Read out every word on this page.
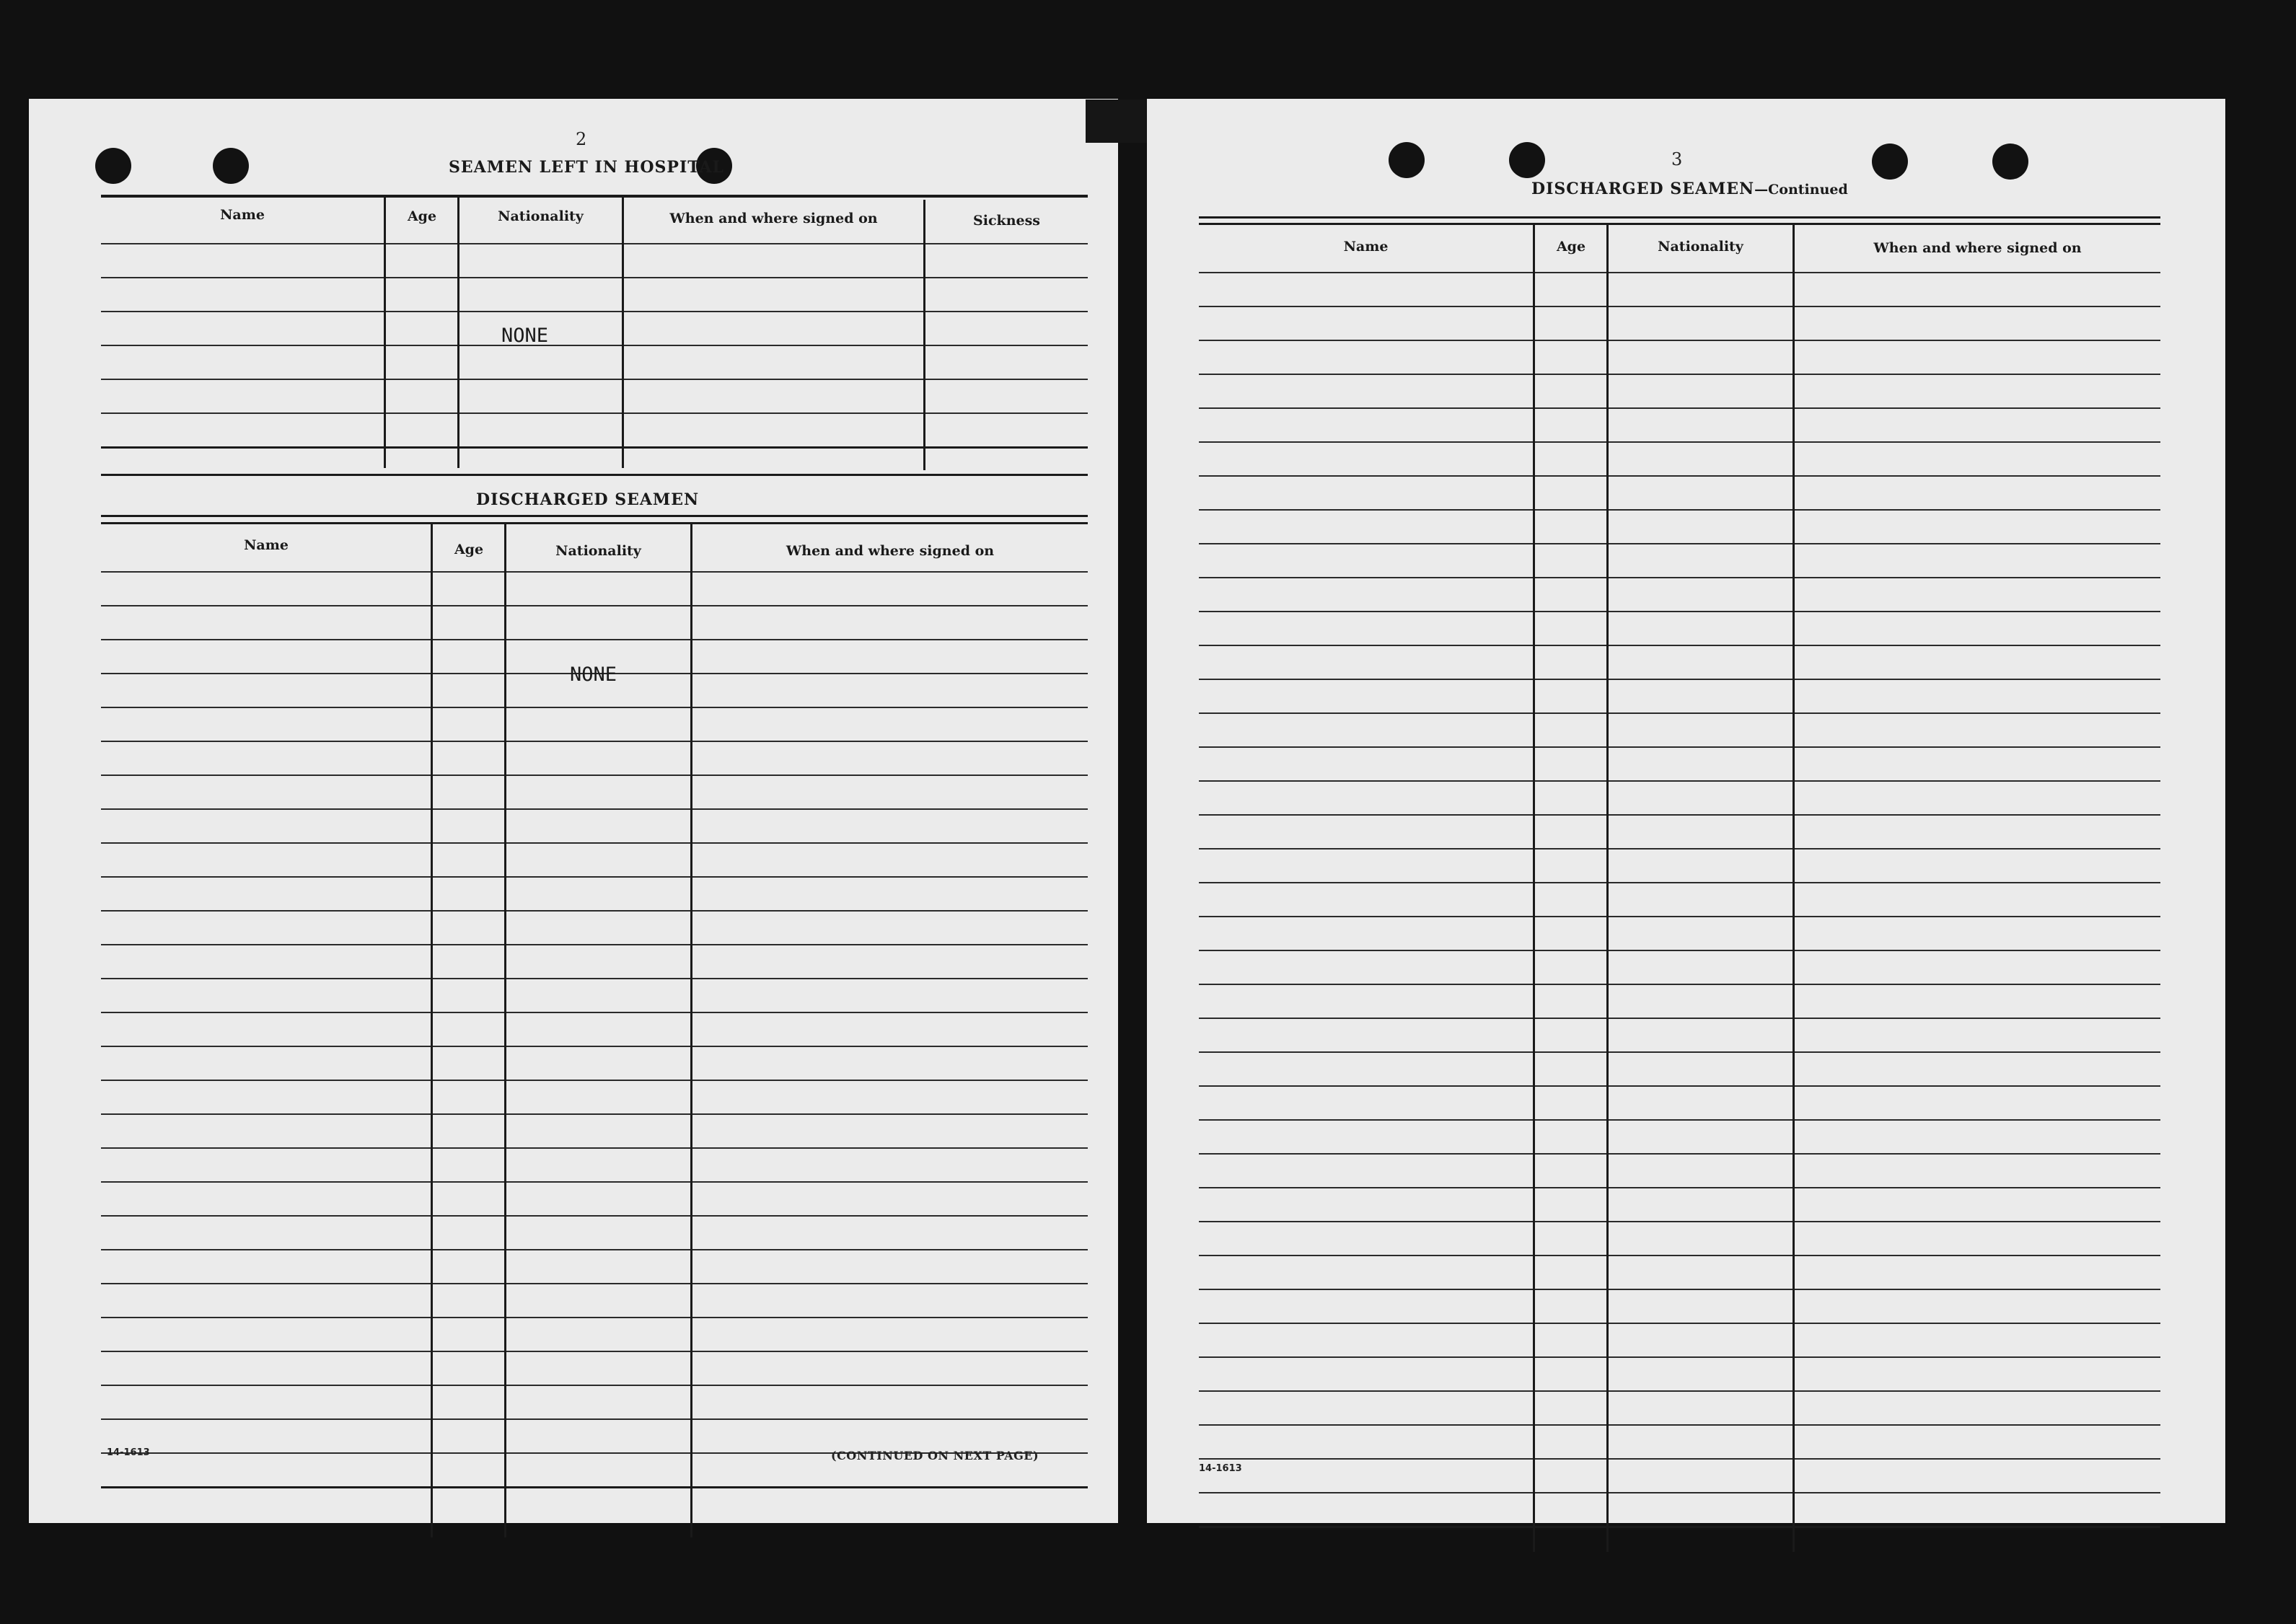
2
SEAMEN LEFT IN HOSPITAL
Name	Age	Nationality	When and where signed on	Sickness
NONE
DISCHARGED SEAMEN
Name	Age	Nationality	When and where signed on
NONE
14-1613	(CONTINUED ON NEXT PAGE)
3
DISCHARGED SEAMEN—Continued
Name	Age	Nationality	When and where signed on
14-1613
